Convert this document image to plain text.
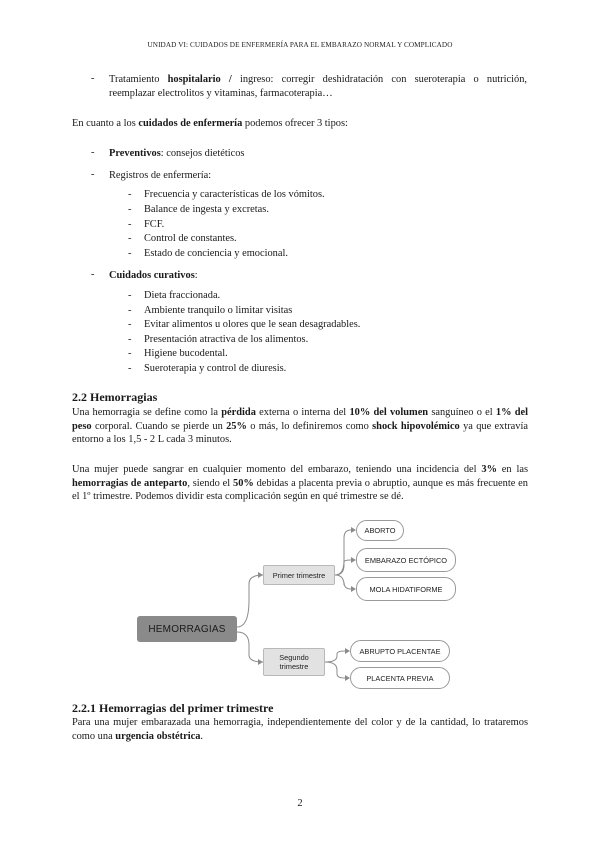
UNIDAD VI: CUIDADOS DE ENFERMERÍA PARA EL EMBARAZO NORMAL Y COMPLICADO
- Tratamiento hospitalario / ingreso: corregir deshidratación con sueroterapia o nutrición,

reemplazar electrolitos y vitaminas, farmacoterapia…

En cuanto a los cuidados de enfermería podemos ofrecer 3 tipos:
- Preventivos: consejos dietéticos
- Registros de enfermería:
- Frecuencia y características de los vómitos.
- Balance de ingesta y excretas.
- FCF.
- Control de constantes.
- Estado de conciencia y emocional.
- Cuidados curativos:
- Dieta fraccionada.
- Ambiente tranquilo o limitar visitas
- Evitar alimentos u olores que le sean desagradables.
- Presentación atractiva de los alimentos.
- Higiene bucodental.
- Sueroterapia y control de diuresis.
2.2 Hemorragias
Una hemorragia se define como la pérdida externa o interna del 10% del volumen sanguíneo o el 1% del peso corporal. Cuando se pierde un 25% o más, lo definiremos como shock hipovolémico ya que extravía entorno a los 1,5 - 2 L cada 3 minutos.
Una mujer puede sangrar en cualquier momento del embarazo, teniendo una incidencia del 3% en las hemorragias de anteparto, siendo el 50% debidas a placenta previa o abruptio, aunque es más frecuente en el 1º trimestre. Podemos dividir esta complicación según en qué trimestre se dé.
HEMORRAGIAS
Primer trimestre
Segundo trimestre
ABORTO
EMBARAZO ECTÓPICO
MOLA HIDATIFORME
ABRUPTO PLACENTAE
PLACENTA PREVIA
2.2.1 Hemorragias del primer trimestre
Para una mujer embarazada una hemorragia, independientemente del color y de la cantidad, lo trataremos como una urgencia obstétrica.
2
